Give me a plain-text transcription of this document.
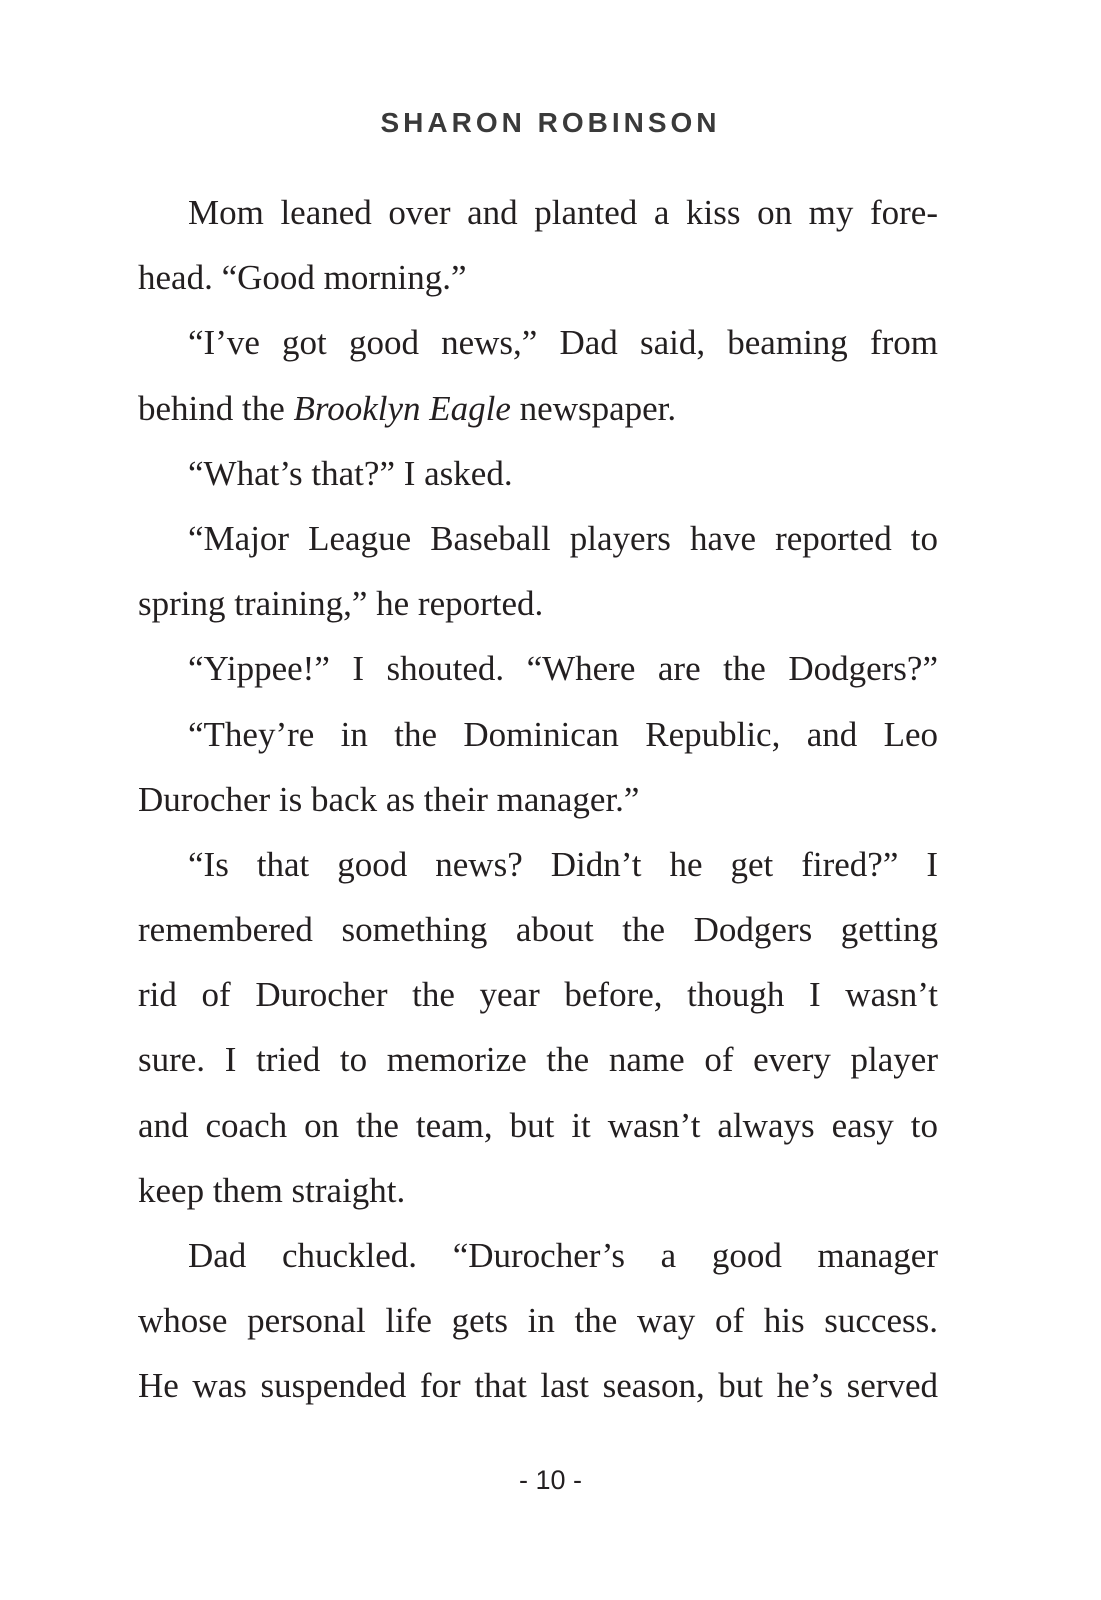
SHARON ROBINSON
Mom leaned over and planted a kiss on my fore-
head. “Good morning.”
“I’ve got good news,” Dad said, beaming from
behind the Brooklyn Eagle newspaper.
“What’s that?” I asked.
“Major League Baseball players have reported to
spring training,” he reported.
“Yippee!” I shouted. “Where are the Dodgers?”
“They’re in the Dominican Republic, and Leo
Durocher is back as their manager.”
“Is that good news? Didn’t he get fired?” I
remembered something about the Dodgers getting
rid of Durocher the year before, though I wasn’t
sure. I tried to memorize the name of every player
and coach on the team, but it wasn’t always easy to
keep them straight.
Dad chuckled. “Durocher’s a good manager
whose personal life gets in the way of his success.
He was suspended for that last season, but he’s served
- 10 -
